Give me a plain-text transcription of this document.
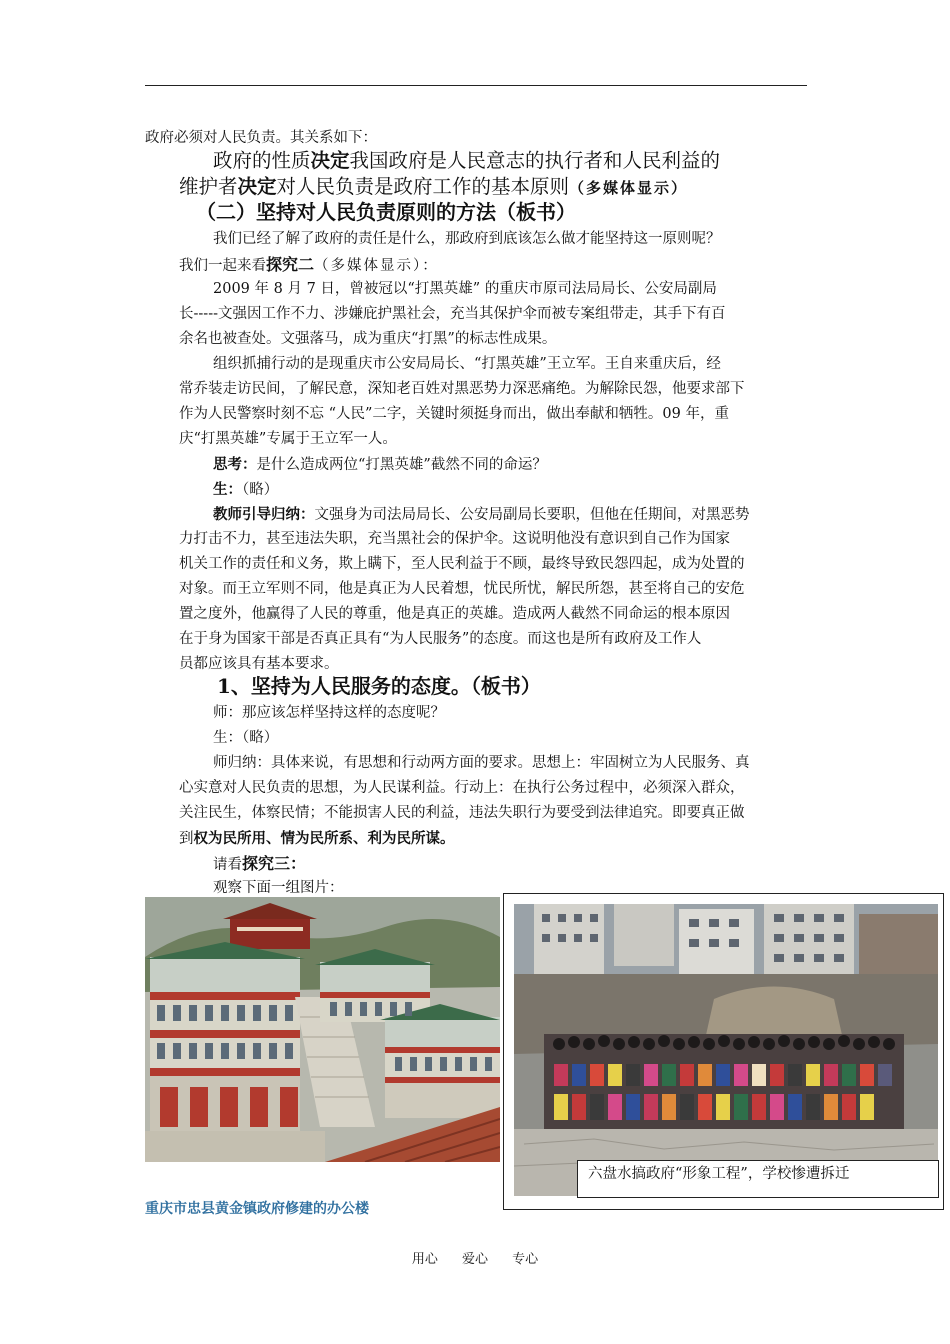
政府必须对人民负责。其关系如下：
政府的性质决定我国政府是人民意志的执行者和人民利益的
维护者决定对人民负责是政府工作的基本原则（多媒体显示）
（二）坚持对人民负责原则的方法（板书）
我们已经了解了政府的责任是什么，那政府到底该怎么做才能坚持这一原则呢？
我们一起来看探究二（多媒体显示）：
2009 年 8 月 7 日，曾被冠以“打黑英雄” 的重庆市原司法局局长、公安局副局
长-----文强因工作不力、涉嫌庇护黑社会，充当其保护伞而被专案组带走，其手下有百
余名也被查处。文强落马，成为重庆“打黑”的标志性成果。
组织抓捕行动的是现重庆市公安局局长、“打黑英雄”王立军。王自来重庆后，经
常乔装走访民间，了解民意，深知老百姓对黑恶势力深恶痛绝。为解除民怨，他要求部下
作为人民警察时刻不忘 “人民”二字，关键时须挺身而出，做出奉献和牺牲。09 年，重
庆“打黑英雄”专属于王立军一人。
思考：是什么造成两位“打黑英雄”截然不同的命运？
生：（略）
教师引导归纳：文强身为司法局局长、公安局副局长要职，但他在任期间，对黑恶势
力打击不力，甚至违法失职，充当黑社会的保护伞。这说明他没有意识到自己作为国家
机关工作的责任和义务，欺上瞒下，至人民利益于不顾，最终导致民怨四起，成为处置的
对象。而王立军则不同，他是真正为人民着想，忧民所忧，解民所怨，甚至将自己的安危
置之度外，他赢得了人民的尊重，他是真正的英雄。造成两人截然不同命运的根本原因
在于身为国家干部是否真正具有“为人民服务”的态度。而这也是所有政府及工作人
员都应该具有基本要求。
1、坚持为人民服务的态度。（板书）
师：那应该怎样坚持这样的态度呢？
生：（略）
师归纳：具体来说，有思想和行动两方面的要求。思想上：牢固树立为人民服务、真
心实意对人民负责的思想，为人民谋利益。行动上：在执行公务过程中，必须深入群众，
关注民生，体察民情；不能损害人民的利益，违法失职行为要受到法律追究。即要真正做
到权为民所用、情为民所系、利为民所谋。
请看探究三：
观察下面一组图片：
重庆市忠县黄金镇政府修建的办公楼
六盘水搞政府“形象工程”，学校惨遭拆迁
用心 爱心 专心
